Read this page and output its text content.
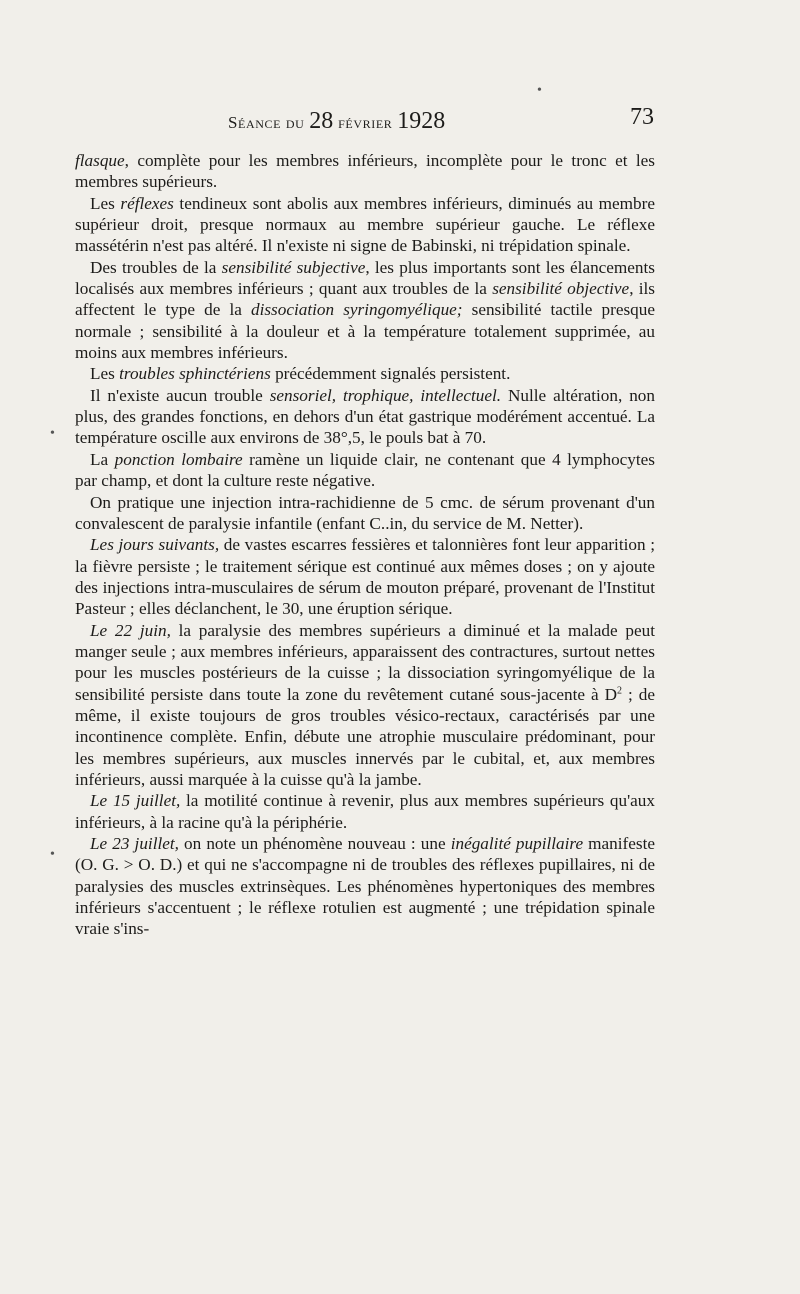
Séance du 28 février 1928	73

flasque, complète pour les membres inférieurs, incomplète pour le tronc et les membres supérieurs.

Les réflexes tendineux sont abolis aux membres inférieurs, diminués au membre supérieur droit, presque normaux au membre supérieur gauche. Le réflexe massétérin n'est pas altéré. Il n'existe ni signe de Babinski, ni trépidation spinale.

Des troubles de la sensibilité subjective, les plus importants sont les élancements localisés aux membres inférieurs ; quant aux troubles de la sensibilité objective, ils affectent le type de la dissociation syringomyélique; sensibilité tactile presque normale ; sensibilité à la douleur et à la température totalement supprimée, au moins aux membres inférieurs.

Les troubles sphinctériens précédemment signalés persistent.

Il n'existe aucun trouble sensoriel, trophique, intellectuel. Nulle altération, non plus, des grandes fonctions, en dehors d'un état gastrique modérément accentué. La température oscille aux environs de 38°,5, le pouls bat à 70.

La ponction lombaire ramène un liquide clair, ne contenant que 4 lymphocytes par champ, et dont la culture reste négative.

On pratique une injection intra-rachidienne de 5 cmc. de sérum provenant d'un convalescent de paralysie infantile (enfant C..in, du service de M. Netter).

Les jours suivants, de vastes escarres fessières et talonnières font leur apparition ; la fièvre persiste ; le traitement sérique est continué aux mêmes doses ; on y ajoute des injections intra-musculaires de sérum de mouton préparé, provenant de l'Institut Pasteur ; elles déclanchent, le 30, une éruption sérique.

Le 22 juin, la paralysie des membres supérieurs a diminué et la malade peut manger seule ; aux membres inférieurs, apparaissent des contractures, surtout nettes pour les muscles postérieurs de la cuisse ; la dissociation syringomyélique de la sensibilité persiste dans toute la zone du revêtement cutané sous-jacente à $D^2$ ; de même, il existe toujours de gros troubles vésico-rectaux, caractérisés par une incontinence complète. Enfin, débute une atrophie musculaire prédominant, pour les membres supérieurs, aux muscles innervés par le cubital, et, aux membres inférieurs, aussi marquée à la cuisse qu'à la jambe.

Le 15 juillet, la motilité continue à revenir, plus aux membres supérieurs qu'aux inférieurs, à la racine qu'à la périphérie.

Le 23 juillet, on note un phénomène nouveau : une inégalité pupillaire manifeste (O. G. > O. D.) et qui ne s'accompagne ni de troubles des réflexes pupillaires, ni de paralysies des muscles extrinsèques. Les phénomènes hypertoniques des membres inférieurs s'accentuent ; le réflexe rotulien est augmenté ; une trépidation spinale vraie s'ins-

•
•
•
